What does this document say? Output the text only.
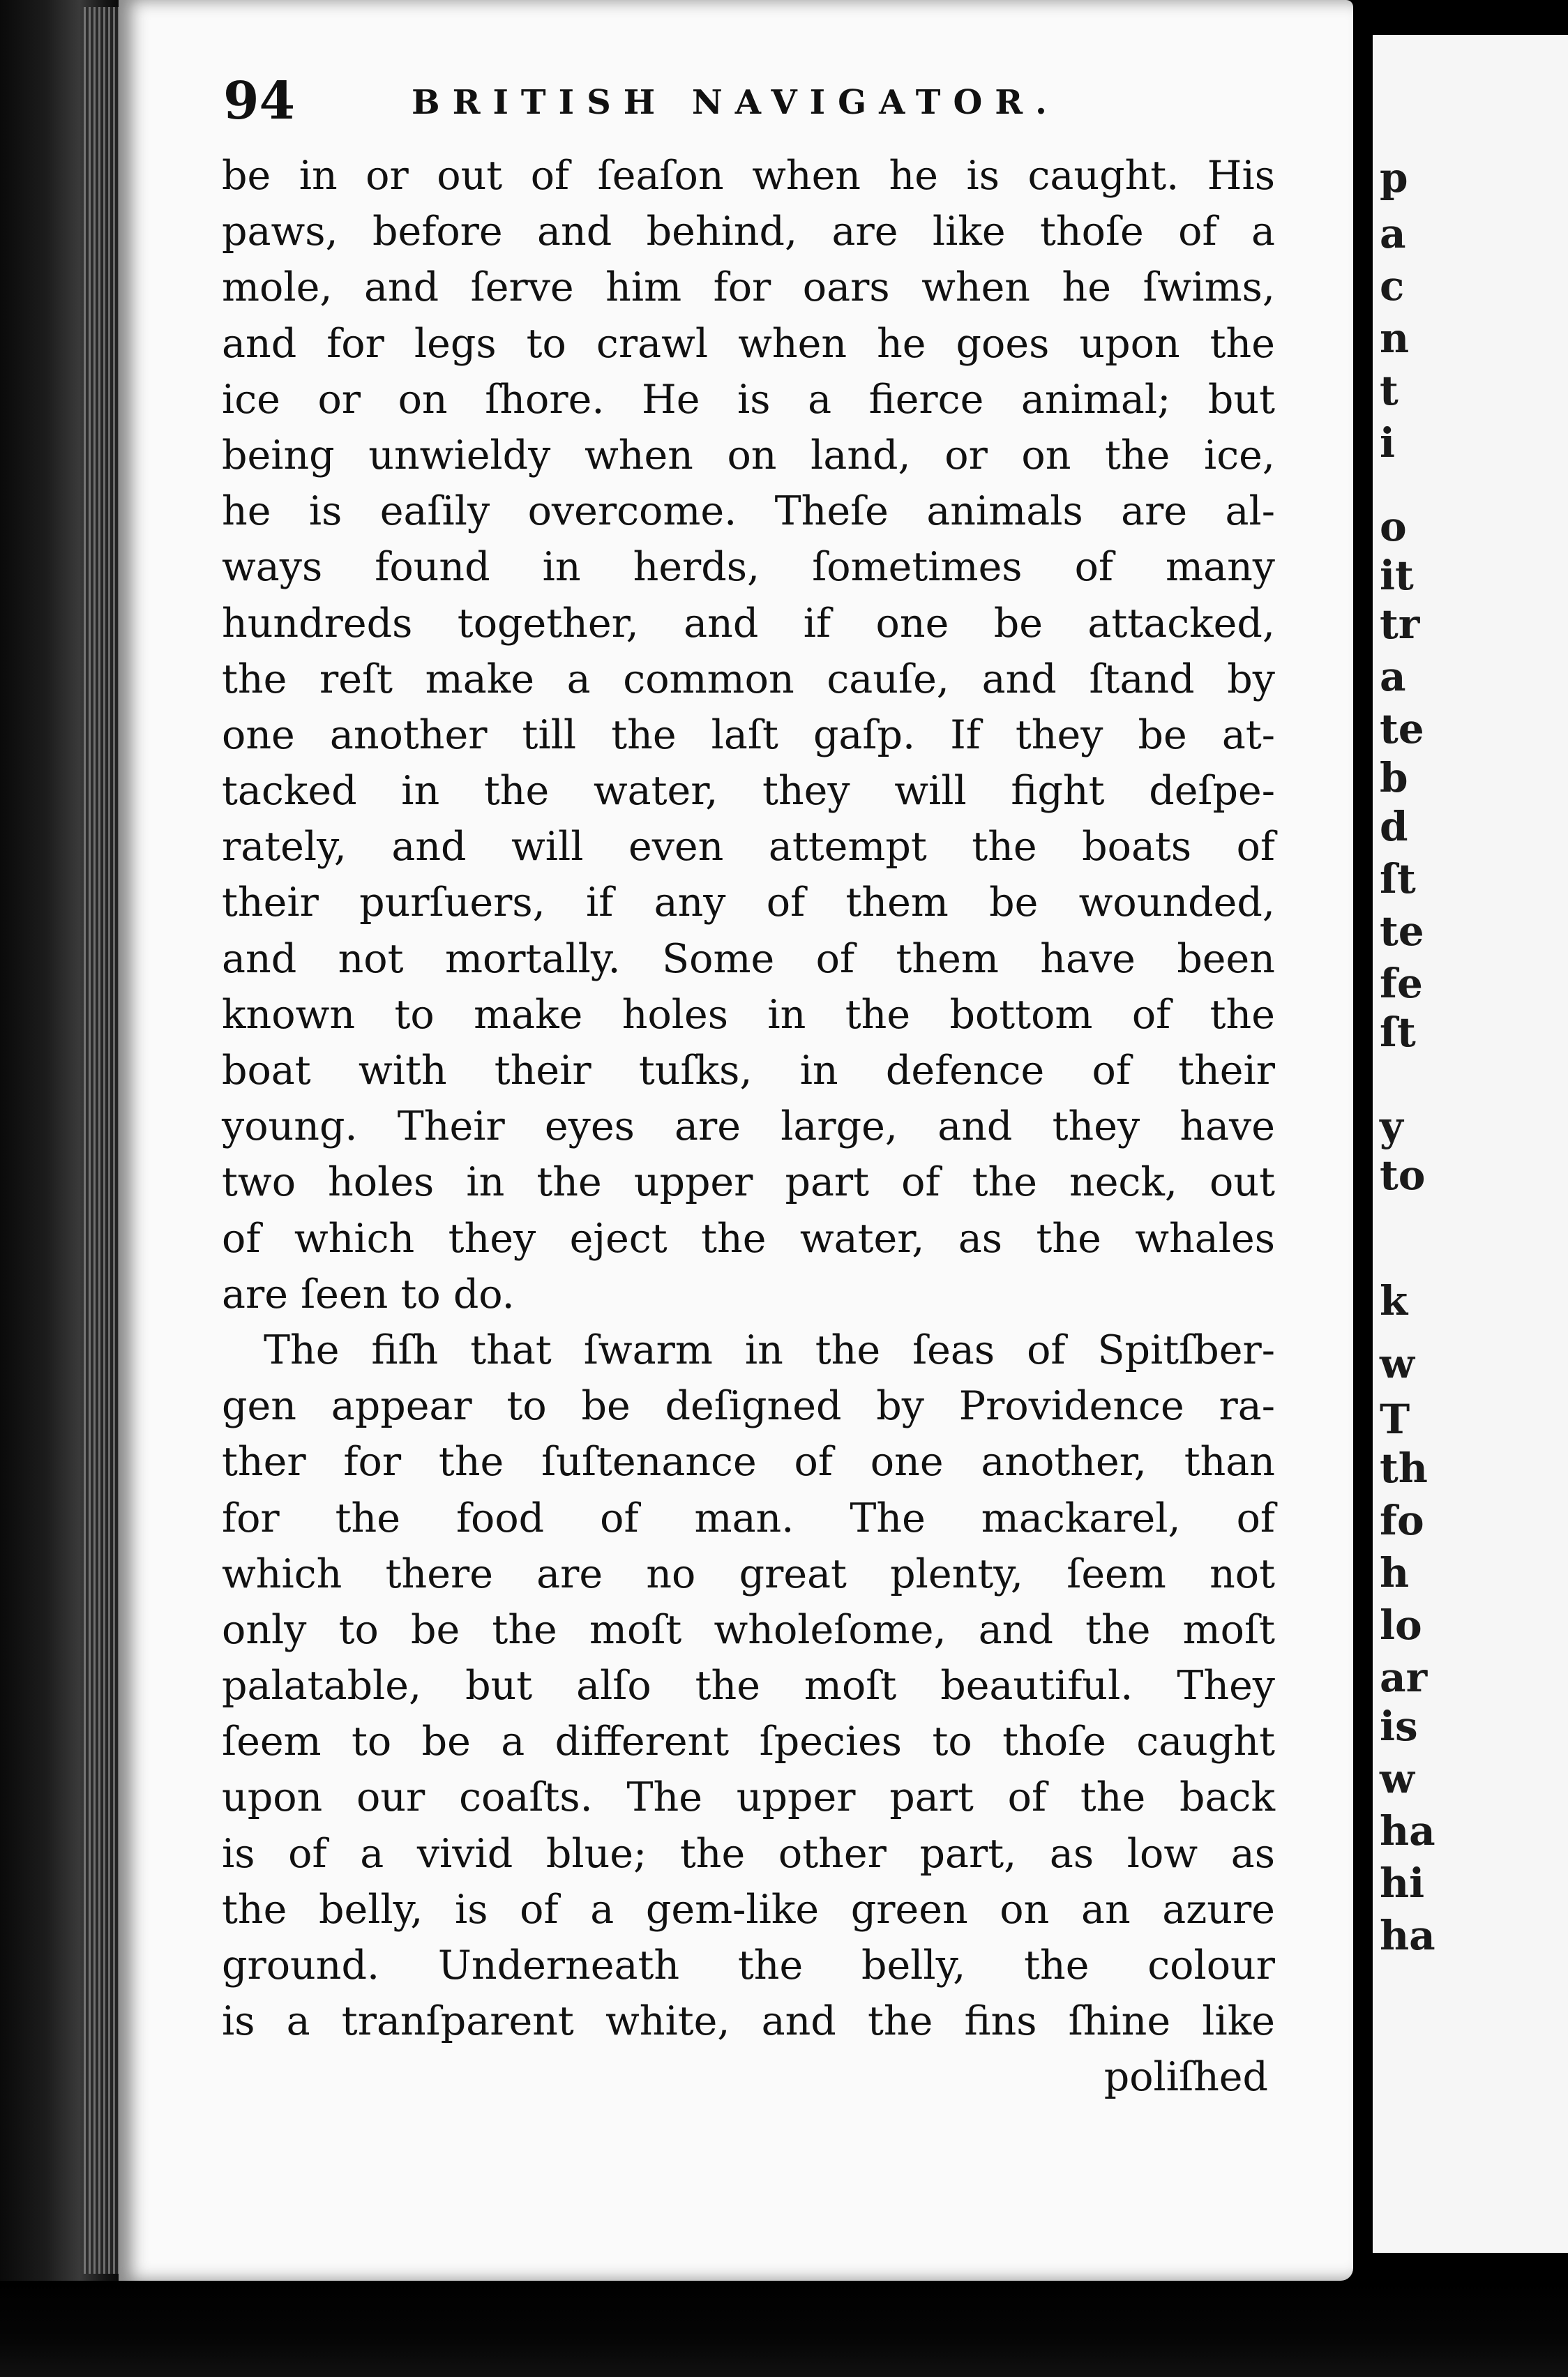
94	BRITISH NAVIGATOR.
be in or out of ſeaſon when he is caught. His
paws, before and behind, are like thoſe of a
mole, and ſerve him for oars when he ſwims,
and for legs to crawl when he goes upon the
ice or on ſhore. He is a fierce animal; but
being unwieldy when on land, or on the ice,
he is eaſily overcome. Theſe animals are al-
ways found in herds, ſometimes of many
hundreds together, and if one be attacked,
the reſt make a common cauſe, and ſtand by
one another till the laſt gaſp. If they be at-
tacked in the water, they will fight deſpe-
rately, and will even attempt the boats of
their purſuers, if any of them be wounded,
and not mortally. Some of them have been
known to make holes in the bottom of the
boat with their tuſks, in defence of their
young. Their eyes are large, and they have
two holes in the upper part of the neck, out
of which they eject the water, as the whales
are ſeen to do.
The fiſh that ſwarm in the ſeas of Spitſber-
gen appear to be deſigned by Providence ra-
ther for the ſuſtenance of one another, than
for the food of man. The mackarel, of
which there are no great plenty, ſeem not
only to be the moſt wholeſome, and the moſt
palatable, but alſo the moſt beautiful. They
ſeem to be a different ſpecies to thoſe caught
upon our coaſts. The upper part of the back
is of a vivid blue; the other part, as low as
the belly, is of a gem-like green on an azure
ground. Underneath the belly, the colour
is a tranſparent white, and the fins ſhine like
poliſhed
p
a
c
n
t
i
o
it
tr
a
te
b
d
ſt
te
fe
ſt
y
to
k
w
T
th
fo
h
lo
ar
is
w
ha
hi
ha
